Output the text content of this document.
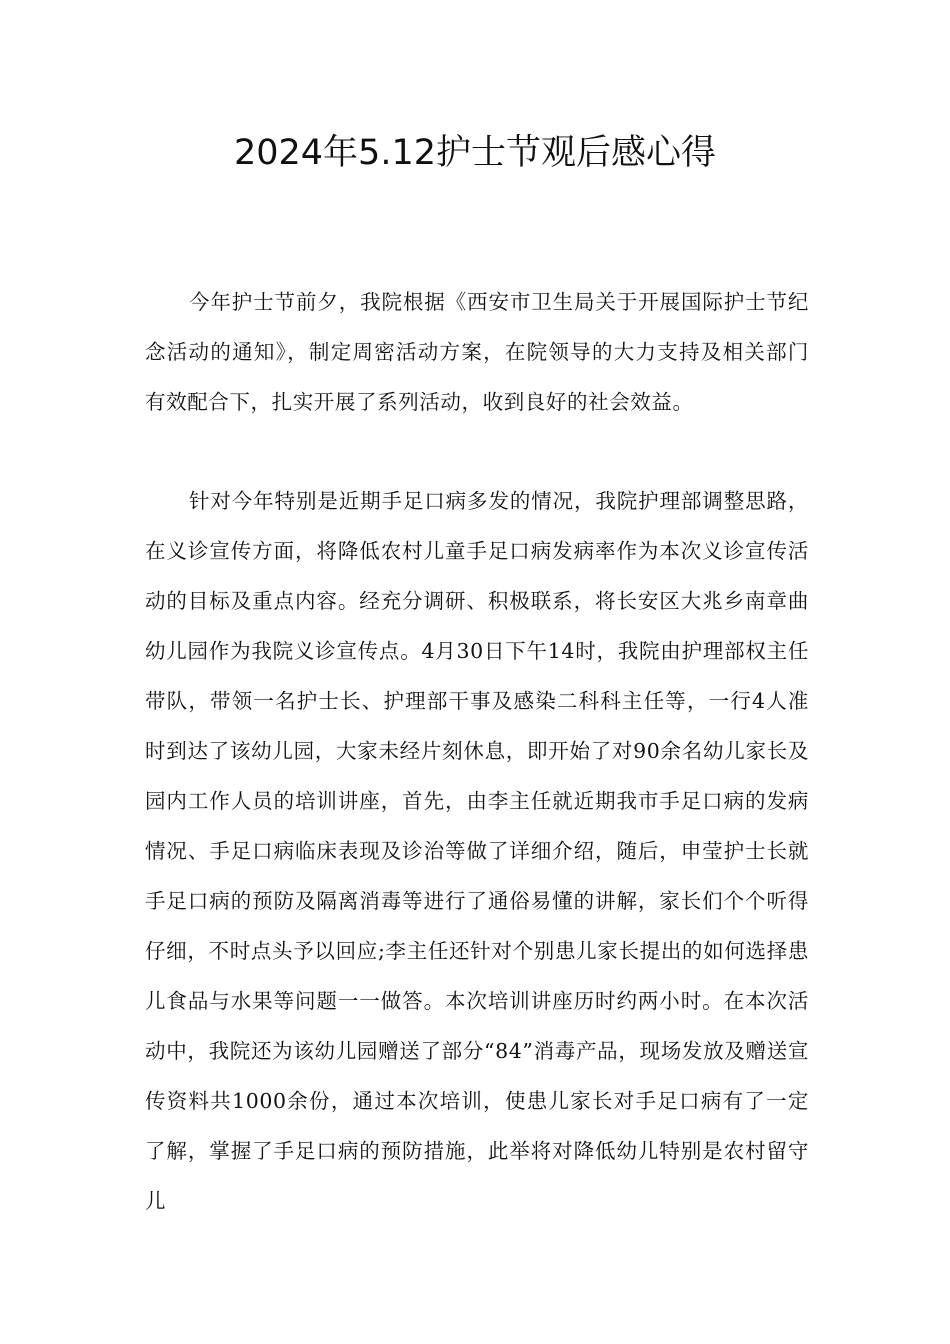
2024年5.12护士节观后感心得

今年护士节前夕，我院根据《西安市卫生局关于开展国际护士节纪念活动的通知》，制定周密活动方案，在院领导的大力支持及相关部门有效配合下，扎实开展了系列活动，收到良好的社会效益。

针对今年特别是近期手足口病多发的情况，我院护理部调整思路，在义诊宣传方面，将降低农村儿童手足口病发病率作为本次义诊宣传活动的目标及重点内容。经充分调研、积极联系，将长安区大兆乡南章曲幼儿园作为我院义诊宣传点。4月30日下午14时，我院由护理部权主任带队，带领一名护士长、护理部干事及感染二科科主任等，一行4人准时到达了该幼儿园，大家未经片刻休息，即开始了对90余名幼儿家长及园内工作人员的培训讲座，首先，由李主任就近期我市手足口病的发病情况、手足口病临床表现及诊治等做了详细介绍，随后，申莹护士长就手足口病的预防及隔离消毒等进行了通俗易懂的讲解，家长们个个听得仔细，不时点头予以回应;李主任还针对个别患儿家长提出的如何选择患儿食品与水果等问题一一做答。本次培训讲座历时约两小时。在本次活动中，我院还为该幼儿园赠送了部分“84”消毒产品，现场发放及赠送宣传资料共1000余份，通过本次培训，使患儿家长对手足口病有了一定了解，掌握了手足口病的预防措施，此举将对降低幼儿特别是农村留守儿
